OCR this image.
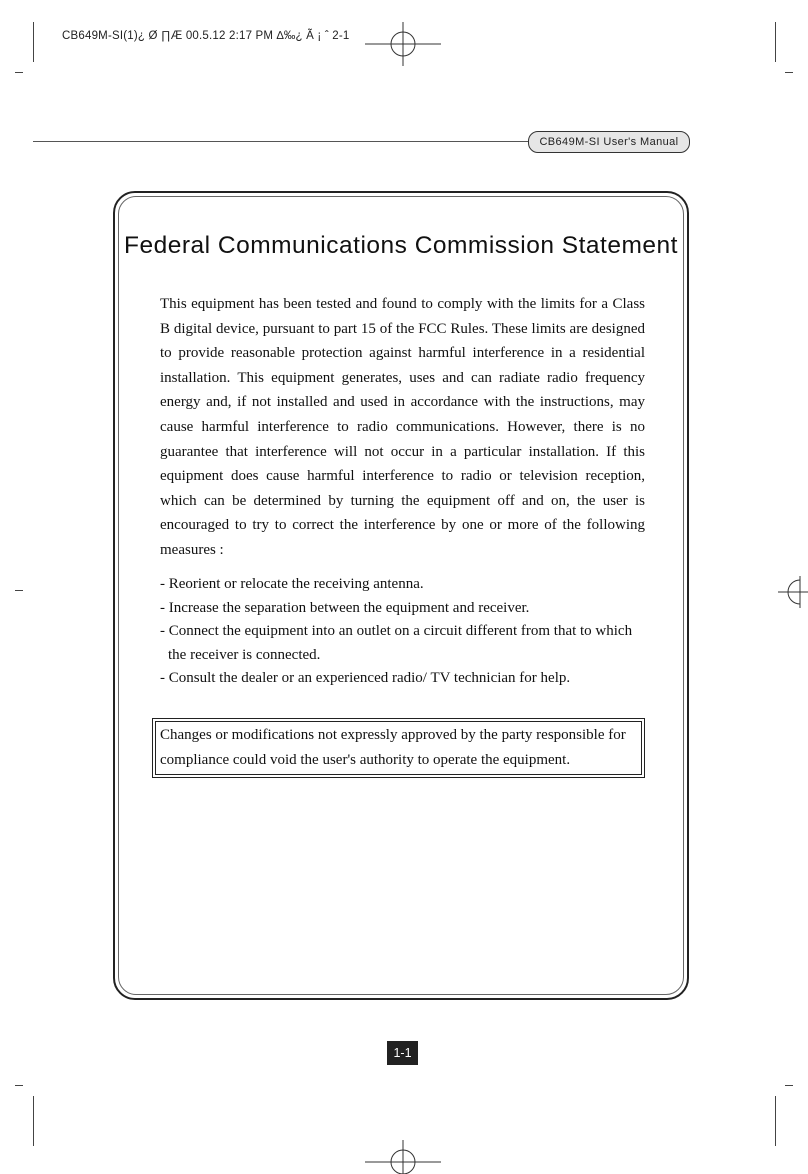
CB649M-SI(1)¿ Ø ∏Æ 00.5.12 2:17 PM ∆‰¿ Ã ¡ ˆ 2-1
CB649M-SI User's Manual
Federal Communications Commission Statement

This equipment has been tested and found to comply with the limits for a Class B digital device, pursuant to part 15 of the FCC Rules. These limits are designed to provide reasonable protection against harmful interference in a residential installation. This equipment generates, uses and can radiate radio frequency energy and, if not installed and used in accordance with the instructions, may cause harmful interference to radio communications. However, there is no guarantee that interference will not occur in a particular installation. If this equipment does cause harmful interference to radio or television reception, which can be determined by turning the equipment off and on, the user is encouraged to try to correct the interference by one or more of the following measures :

- Reorient or relocate the receiving antenna.
- Increase the separation between the equipment and receiver.
- Connect the equipment into an outlet on a circuit different from that to which the receiver is connected.
- Consult the dealer or an experienced radio/ TV technician for help.

Changes or modifications not expressly approved by the party responsible for compliance could void the user's authority to operate the equipment.

1-1
